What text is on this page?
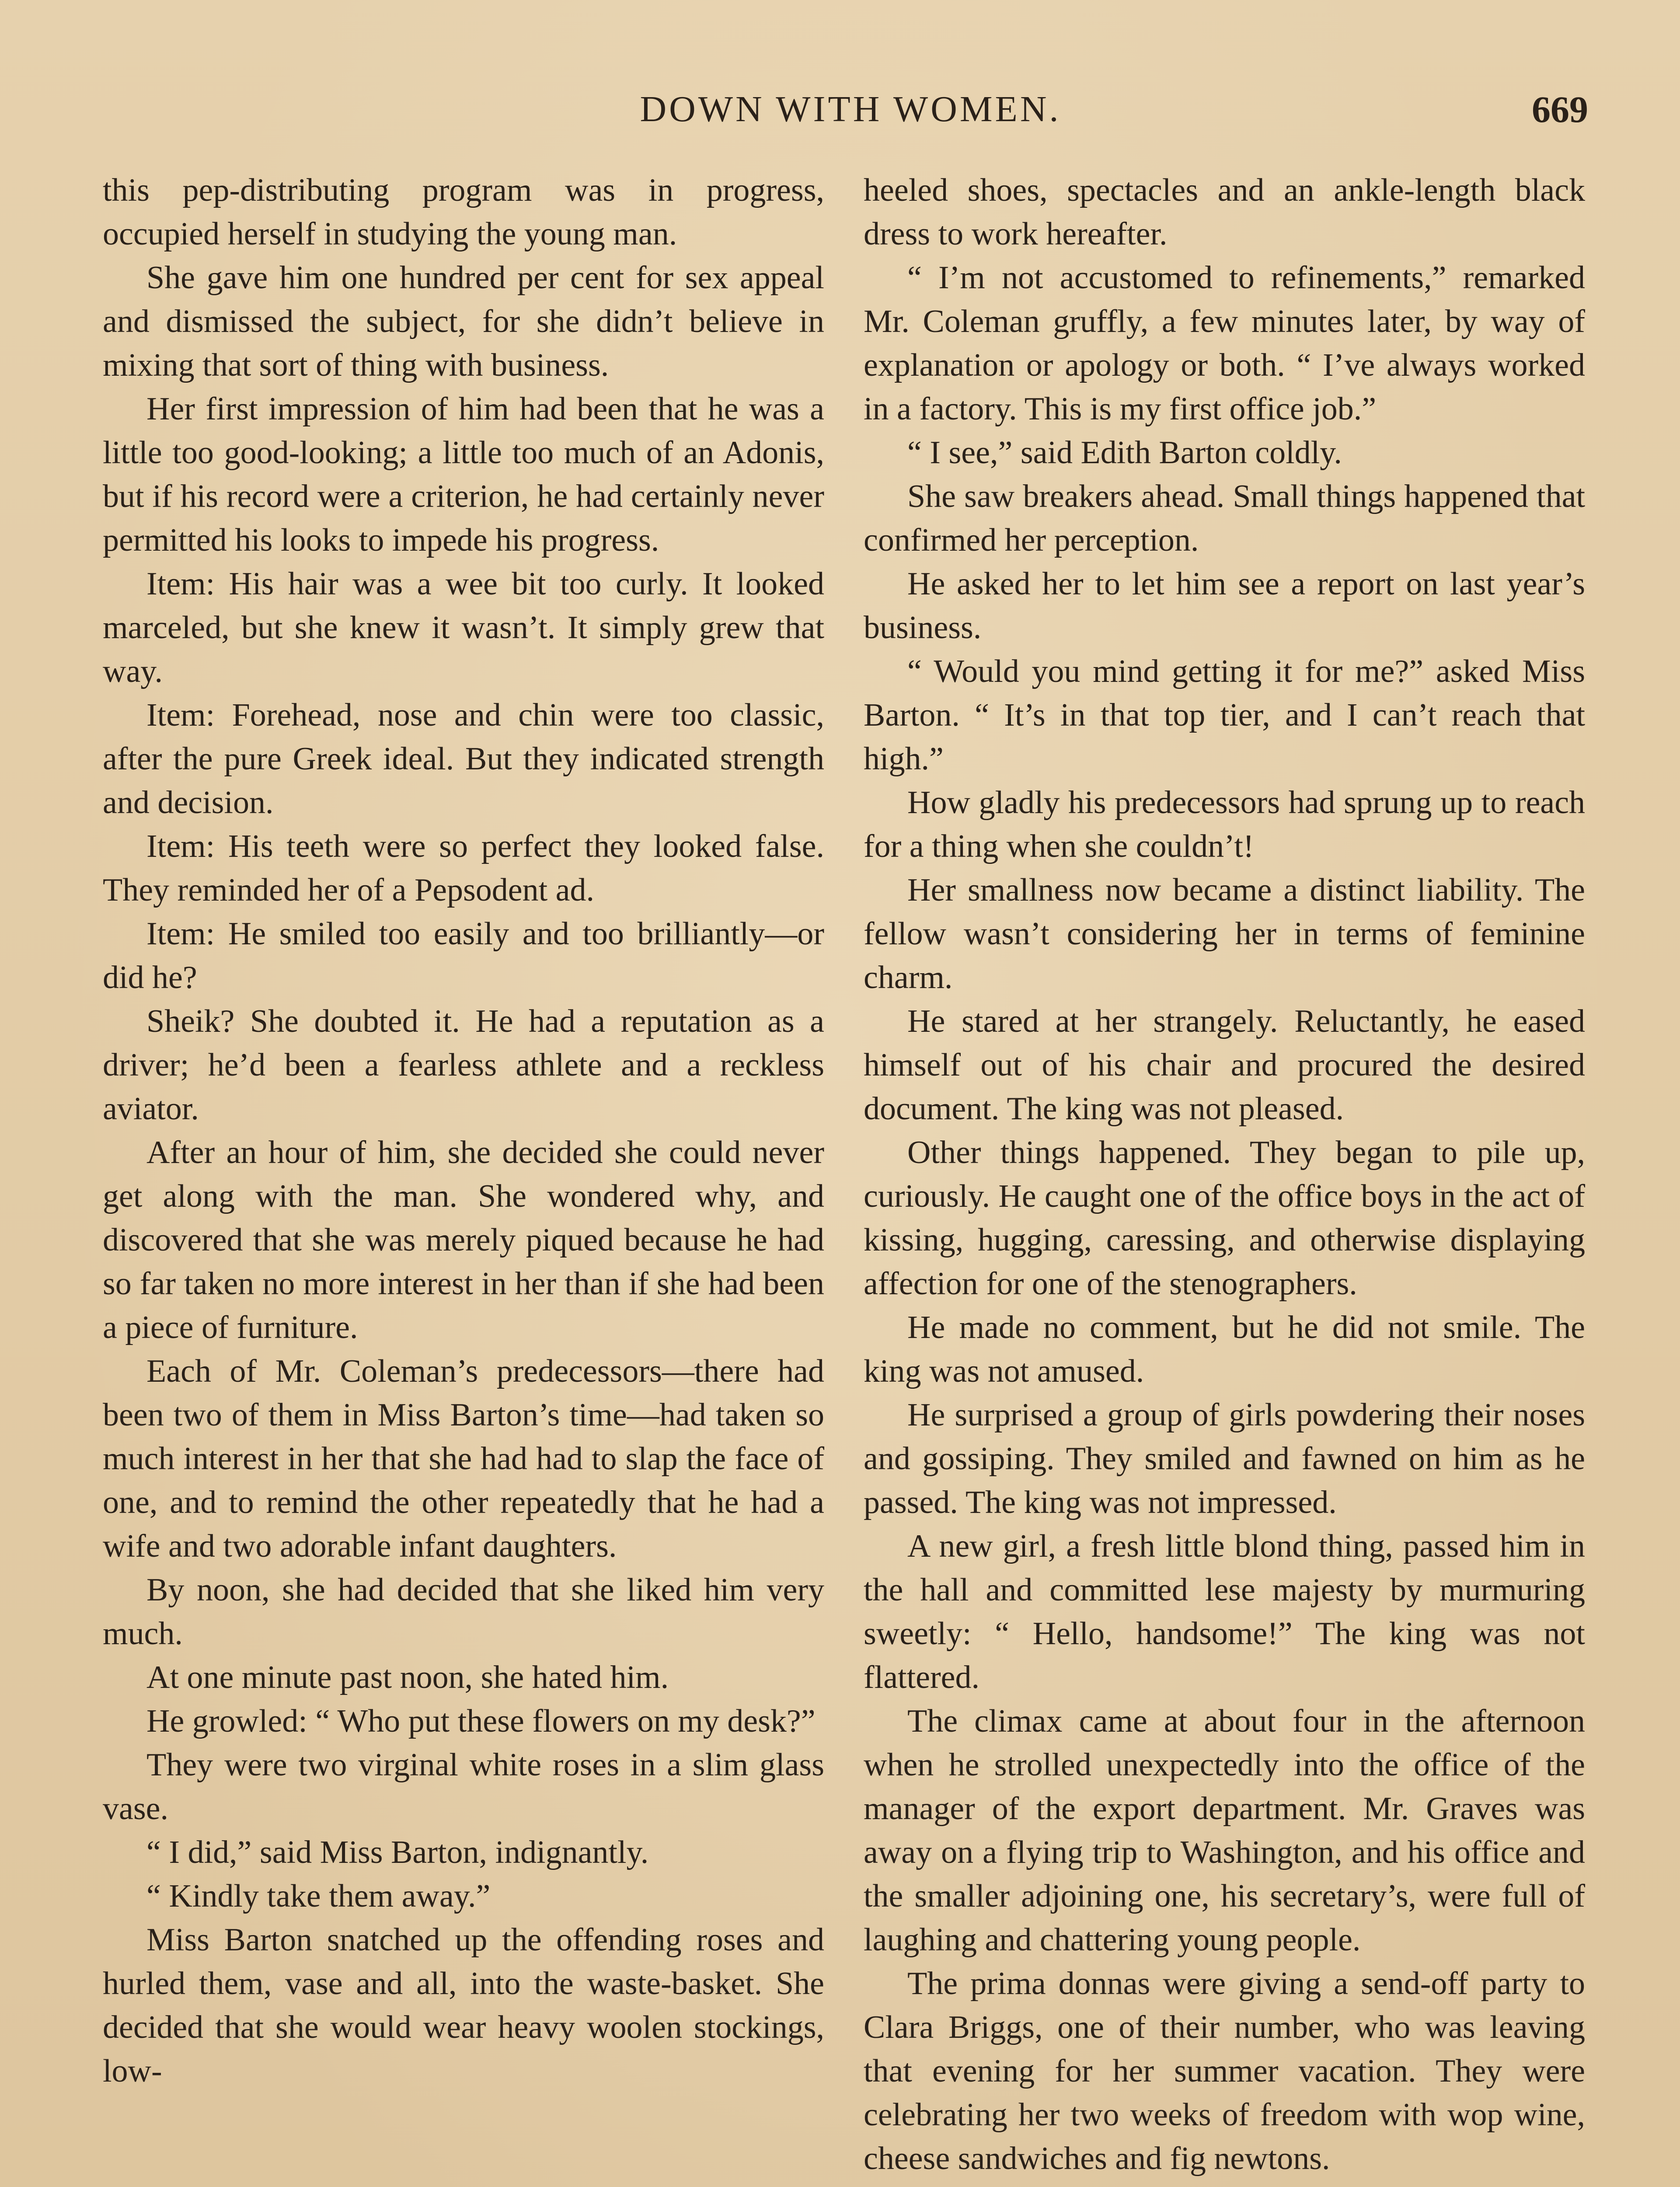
DOWN WITH WOMEN.	669

this pep-distributing program was in progress, occupied herself in studying the young man.

She gave him one hundred per cent for sex appeal and dismissed the subject, for she didn’t believe in mixing that sort of thing with business.

Her first impression of him had been that he was a little too good-looking; a little too much of an Adonis, but if his record were a criterion, he had certainly never permitted his looks to impede his progress.

Item: His hair was a wee bit too curly. It looked marceled, but she knew it wasn’t. It simply grew that way.

Item: Forehead, nose and chin were too classic, after the pure Greek ideal. But they indicated strength and decision.

Item: His teeth were so perfect they looked false. They reminded her of a Pepsodent ad.

Item: He smiled too easily and too brilliantly—or did he?

Sheik? She doubted it. He had a reputation as a driver; he’d been a fearless athlete and a reckless aviator.

After an hour of him, she decided she could never get along with the man. She wondered why, and discovered that she was merely piqued because he had so far taken no more interest in her than if she had been a piece of furniture.

Each of Mr. Coleman’s predecessors—there had been two of them in Miss Barton’s time—had taken so much interest in her that she had had to slap the face of one, and to remind the other repeatedly that he had a wife and two adorable infant daughters.

By noon, she had decided that she liked him very much.

At one minute past noon, she hated him.

He growled: “ Who put these flowers on my desk?”

They were two virginal white roses in a slim glass vase.

“ I did,” said Miss Barton, indignantly.

“ Kindly take them away.”

Miss Barton snatched up the offending roses and hurled them, vase and all, into the waste-basket. She decided that she would wear heavy woolen stockings, low-

heeled shoes, spectacles and an ankle-length black dress to work hereafter.

“ I’m not accustomed to refinements,” remarked Mr. Coleman gruffly, a few minutes later, by way of explanation or apology or both. “ I’ve always worked in a factory. This is my first office job.”

“ I see,” said Edith Barton coldly.

She saw breakers ahead. Small things happened that confirmed her perception.

He asked her to let him see a report on last year’s business.

“ Would you mind getting it for me?” asked Miss Barton. “ It’s in that top tier, and I can’t reach that high.”

How gladly his predecessors had sprung up to reach for a thing when she couldn’t!

Her smallness now became a distinct liability. The fellow wasn’t considering her in terms of feminine charm.

He stared at her strangely. Reluctantly, he eased himself out of his chair and procured the desired document. The king was not pleased.

Other things happened. They began to pile up, curiously. He caught one of the office boys in the act of kissing, hugging, caressing, and otherwise displaying affection for one of the stenographers.

He made no comment, but he did not smile. The king was not amused.

He surprised a group of girls powdering their noses and gossiping. They smiled and fawned on him as he passed. The king was not impressed.

A new girl, a fresh little blond thing, passed him in the hall and committed lese majesty by murmuring sweetly: “ Hello, handsome!” The king was not flattered.

The climax came at about four in the afternoon when he strolled unexpectedly into the office of the manager of the export department. Mr. Graves was away on a flying trip to Washington, and his office and the smaller adjoining one, his secretary’s, were full of laughing and chattering young people.

The prima donnas were giving a send-off party to Clara Briggs, one of their number, who was leaving that evening for her summer vacation. They were celebrating her two weeks of freedom with wop wine, cheese sandwiches and fig newtons.
